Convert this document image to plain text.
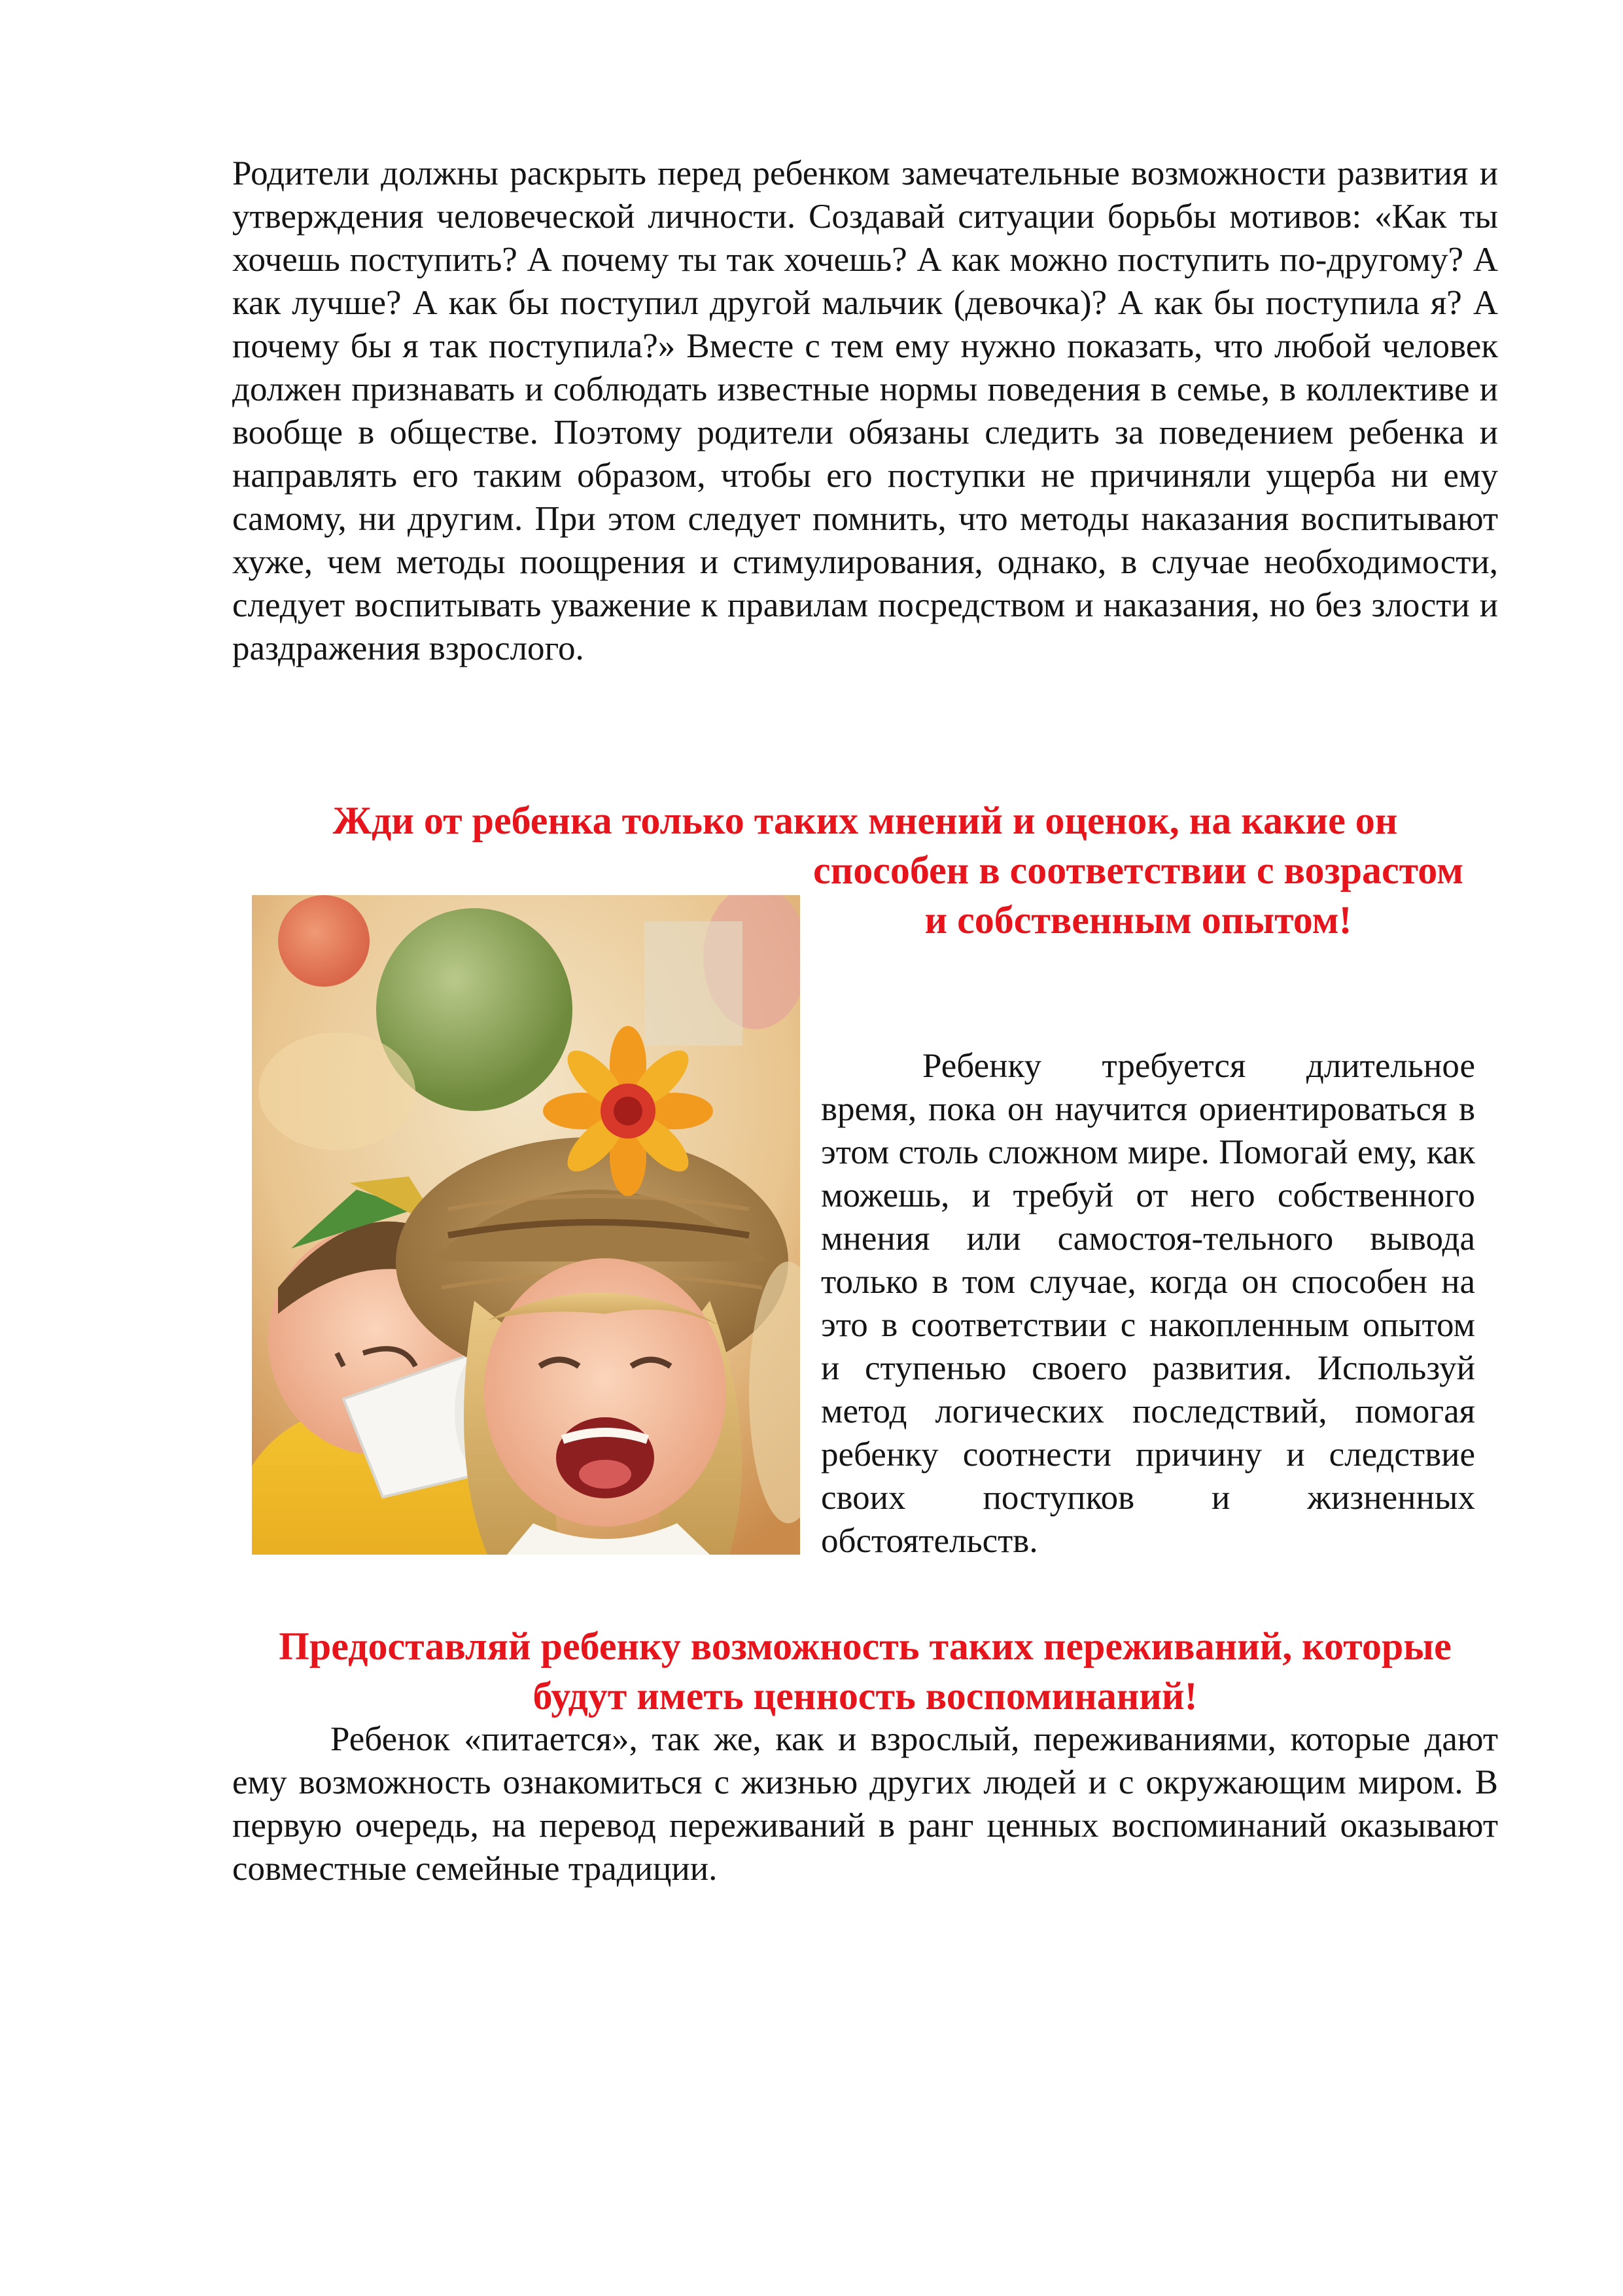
Родители должны раскрыть перед ребенком замечательные возможности развития и утверждения человеческой личности. Создавай ситуации борьбы мотивов: «Как ты хочешь поступить? А почему ты так хочешь? А как можно поступить по-другому? А как лучше? А как бы поступил другой мальчик (девочка)? А как бы поступила я? А почему бы я так поступила?» Вместе с тем ему нужно показать, что любой человек должен признавать и соблюдать известные нормы поведения в семье, в коллективе и вообще в обществе. Поэтому родители обязаны следить за поведением ребенка и направлять его таким образом, чтобы его поступки не причиняли ущерба ни ему самому, ни другим. При этом следует помнить, что методы наказания воспитывают хуже, чем методы поощрения и стимулирования, однако, в случае необходимости, следует воспитывать уважение к правилам посредством и наказания, но без злости и раздражения взрослого.

Жди от ребенка только таких мнений и оценок, на какие он
способен в соответствии с возрастом и собственным опытом!

Ребенку требуется длительное время, пока он научится ориентироваться в этом столь сложном мире. Помогай ему, как можешь, и требуй от него собственного мнения или самостоя-тельного вывода только в том случае, когда он способен на это в соответствии с накопленным опытом и ступенью своего развития. Используй метод логических последствий, помогая ребенку соотнести причину и следствие своих поступков и жизненных обстоятельств.

Предоставляй ребенку возможность таких переживаний, которые будут иметь ценность воспоминаний!

Ребенок «питается», так же, как и взрослый, переживаниями, которые дают ему возможность ознакомиться с жизнью других людей и с окружающим миром. В первую очередь, на перевод переживаний в ранг ценных воспоминаний оказывают совместные семейные традиции.
